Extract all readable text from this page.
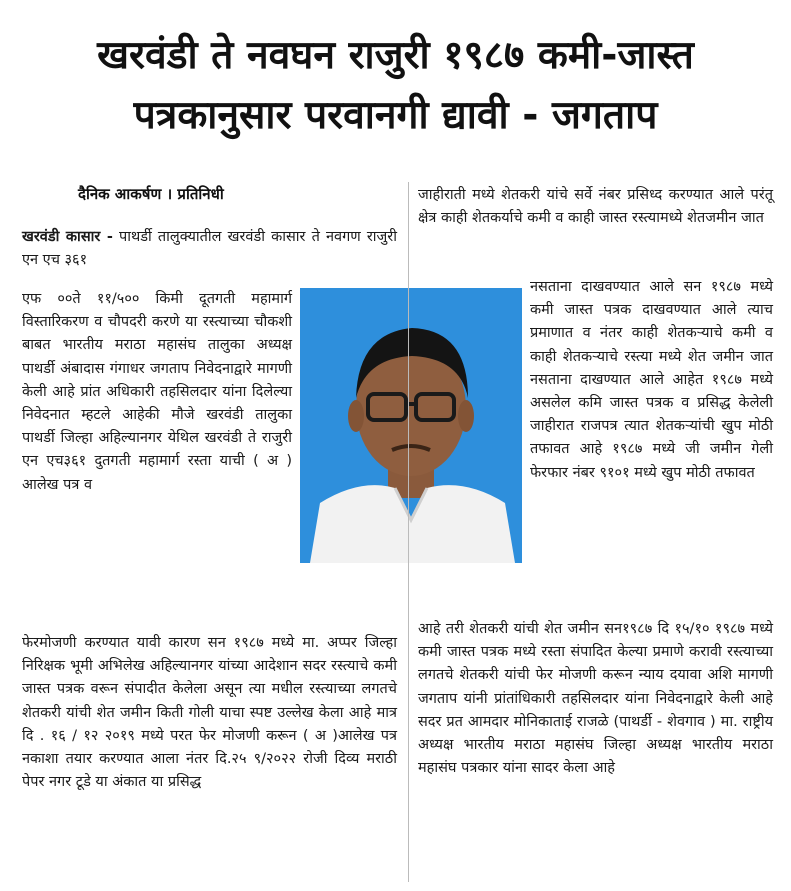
खरवंडी ते नवघन राजुरी १९८७ कमी-जास्त
पत्रकानुसार परवानगी द्यावी - जगताप
दैनिक आकर्षण । प्रतिनिधी

खरवंडी कासार - पाथर्डी तालुक्यातील खरवंडी कासार ते नवगण राजुरी एन एच ३६१

एफ ००ते ११/५०० किमी दूतगती महामार्ग विस्तारिकरण व चौपदरी करणे या रस्त्याच्या चौकशी बाबत भारतीय मराठा महासंघ तालुका अध्यक्ष पाथर्डी अंबादास गंगाधर जगताप निवेदनाद्वारे मागणी केली आहे प्रांत अधिकारी तहसिलदार यांना दिलेल्या निवेदनात म्हटले आहेकी मौजे खरवंडी तालुका पाथर्डी जिल्हा अहिल्यानगर येथिल खरवंडी ते राजुरी एन एच३६१ दुतगती महामार्ग रस्ता याची ( अ ) आलेख पत्र व

फेरमोजणी करण्यात यावी कारण सन १९८७ मध्ये मा. अप्पर जिल्हा निरिक्षक भूमी अभिलेख अहिल्यानगर यांच्या आदेशान सदर रस्त्याचे कमी जास्त पत्रक वरून संपादीत केलेला असून त्या मधील रस्त्याच्या लगतचे शेतकरी यांची शेत जमीन किती गोली याचा स्पष्ट उल्लेख केला आहे मात्र दि . १६ / १२ २०१९ मध्ये परत फेर मोजणी करून ( अ )आलेख पत्र नकाशा तयार करण्यात आला नंतर दि.२५ ९/२०२२ रोजी दिव्य मराठी पेपर नगर टूडे या अंकात या प्रसिद्ध

जाहीराती मध्ये शेतकरी यांचे सर्वे नंबर प्रसिध्द करण्यात आले परंतू क्षेत्र काही शेतकर्याचे कमी व काही जास्त रस्त्यामध्ये शेतजमीन जात

नसताना दाखवण्यात आले सन १९८७ मध्ये कमी जास्त पत्रक दाखवण्यात आले त्याच प्रमाणात व नंतर काही शेतकऱ्याचे कमी व काही शेतकऱ्याचे रस्त्या मध्ये शेत जमीन जात नसताना दाखण्यात आले आहेत १९८७ मध्ये असलेल कमि जास्त पत्रक व प्रसिद्ध केलेली जाहीरात राजपत्र त्यात शेतकऱ्यांची खुप मोठी तफावत आहे १९८७ मध्ये जी जमीन गेली फेरफार नंबर ९१०१ मध्ये खुप मोठी तफावत

आहे तरी शेतकरी यांची शेत जमीन सन१९८७ दि १५/१० १९८७ मध्ये कमी जास्त पत्रक मध्ये रस्ता संपादित केल्या प्रमाणे करावी रस्त्याच्या लगतचे शेतकरी यांची फेर मोजणी करून न्याय दयावा अशि मागणी जगताप यांनी प्रांतांधिकारी तहसिलदार यांना निवेदनाद्वारे केली आहे सदर प्रत आमदार मोनिकाताई राजळे (पाथर्डी - शेवगाव ) मा. राष्ट्रीय अध्यक्ष भारतीय मराठा महासंघ जिल्हा अध्यक्ष भारतीय मराठा महासंघ पत्रकार यांना सादर केला आहे
